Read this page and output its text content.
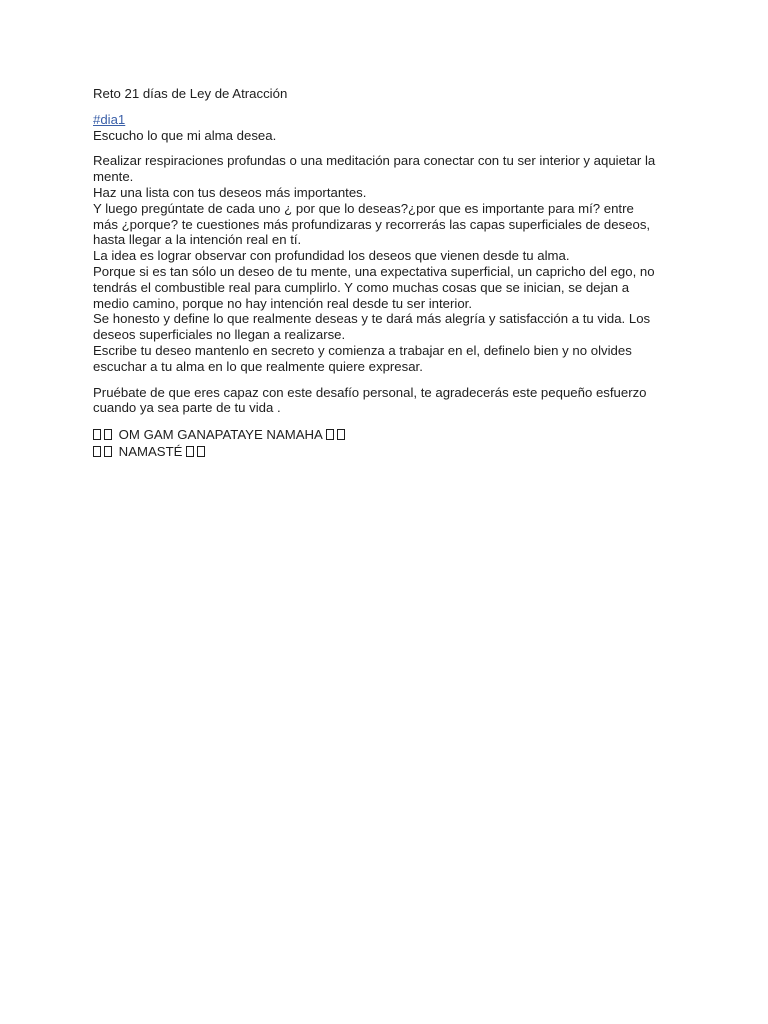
Reto 21 días de Ley de Atracción

#dia1
Escucho lo que mi alma desea.

Realizar respiraciones profundas o una meditación para conectar con tu ser interior y aquietar la
mente.
Haz una lista con tus deseos más importantes.
Y luego pregúntate de cada uno ¿ por que lo deseas?¿por que es importante para mí? entre
más ¿porque? te cuestiones más profundizaras y recorrerás las capas superficiales de deseos,
hasta llegar a la intención real en tí.
La idea es lograr observar con profundidad los deseos que vienen desde tu alma.
Porque si es tan sólo un deseo de tu mente, una expectativa superficial, un capricho del ego, no
tendrás el combustible real para cumplirlo. Y como muchas cosas que se inician, se dejan a
medio camino, porque no hay intención real desde tu ser interior.
Se honesto y define lo que realmente deseas y te dará más alegría y satisfacción a tu vida. Los
deseos superficiales no llegan a realizarse.
Escribe tu deseo mantenlo en secreto y comienza a trabajar en el, definelo bien y no olvides
escuchar a tu alma en lo que realmente quiere expresar.

Pruébate de que eres capaz con este desafío personal, te agradecerás este pequeño esfuerzo
cuando ya sea parte de tu vida .

OM GAM GANAPATAYE NAMAHA
NAMASTÉ
